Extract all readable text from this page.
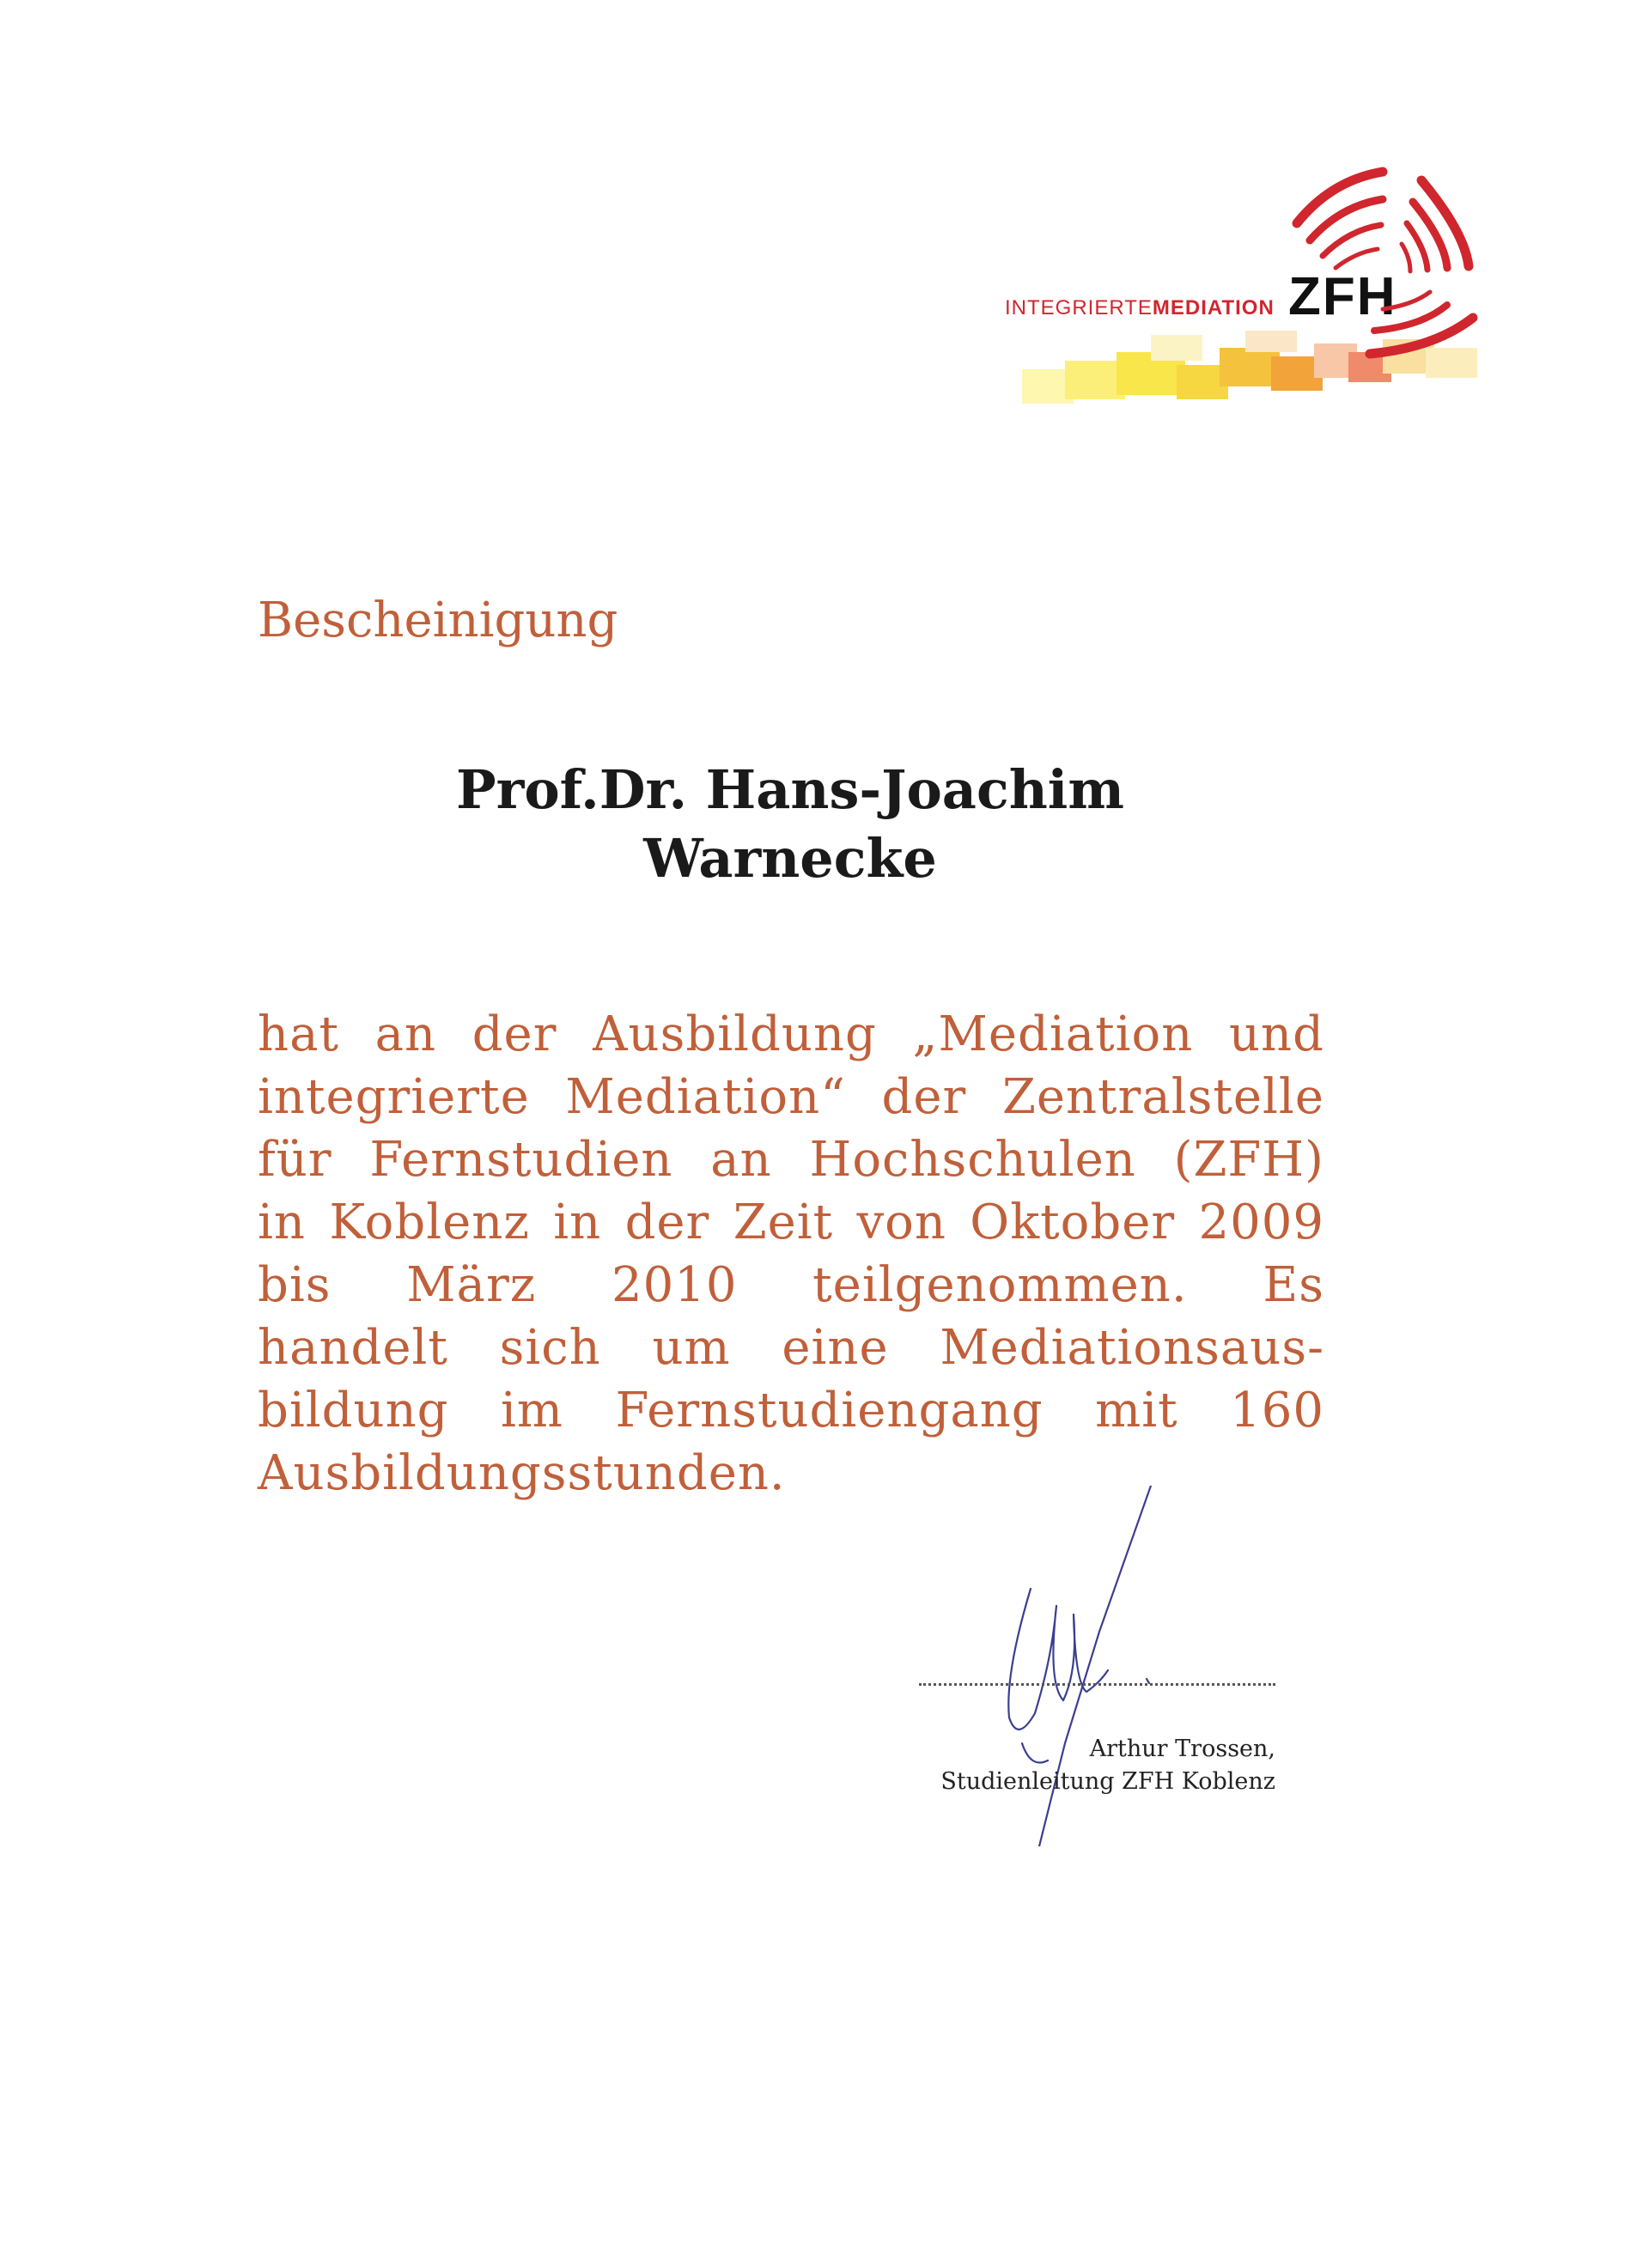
INTEGRIERTEMEDIATION ZFH
Bescheinigung
Prof.Dr. Hans-Joachim
Warnecke
hat an der Ausbildung „Mediation und
integrierte Mediation“ der Zentralstelle
für Fernstudien an Hochschulen (ZFH)
in Koblenz in der Zeit von Oktober 2009
bis März 2010 teilgenommen. Es
handelt sich um eine Mediationsaus-
bildung im Fernstudiengang mit 160
Ausbildungsstunden.
Arthur Trossen,
Studienleitung ZFH Koblenz
